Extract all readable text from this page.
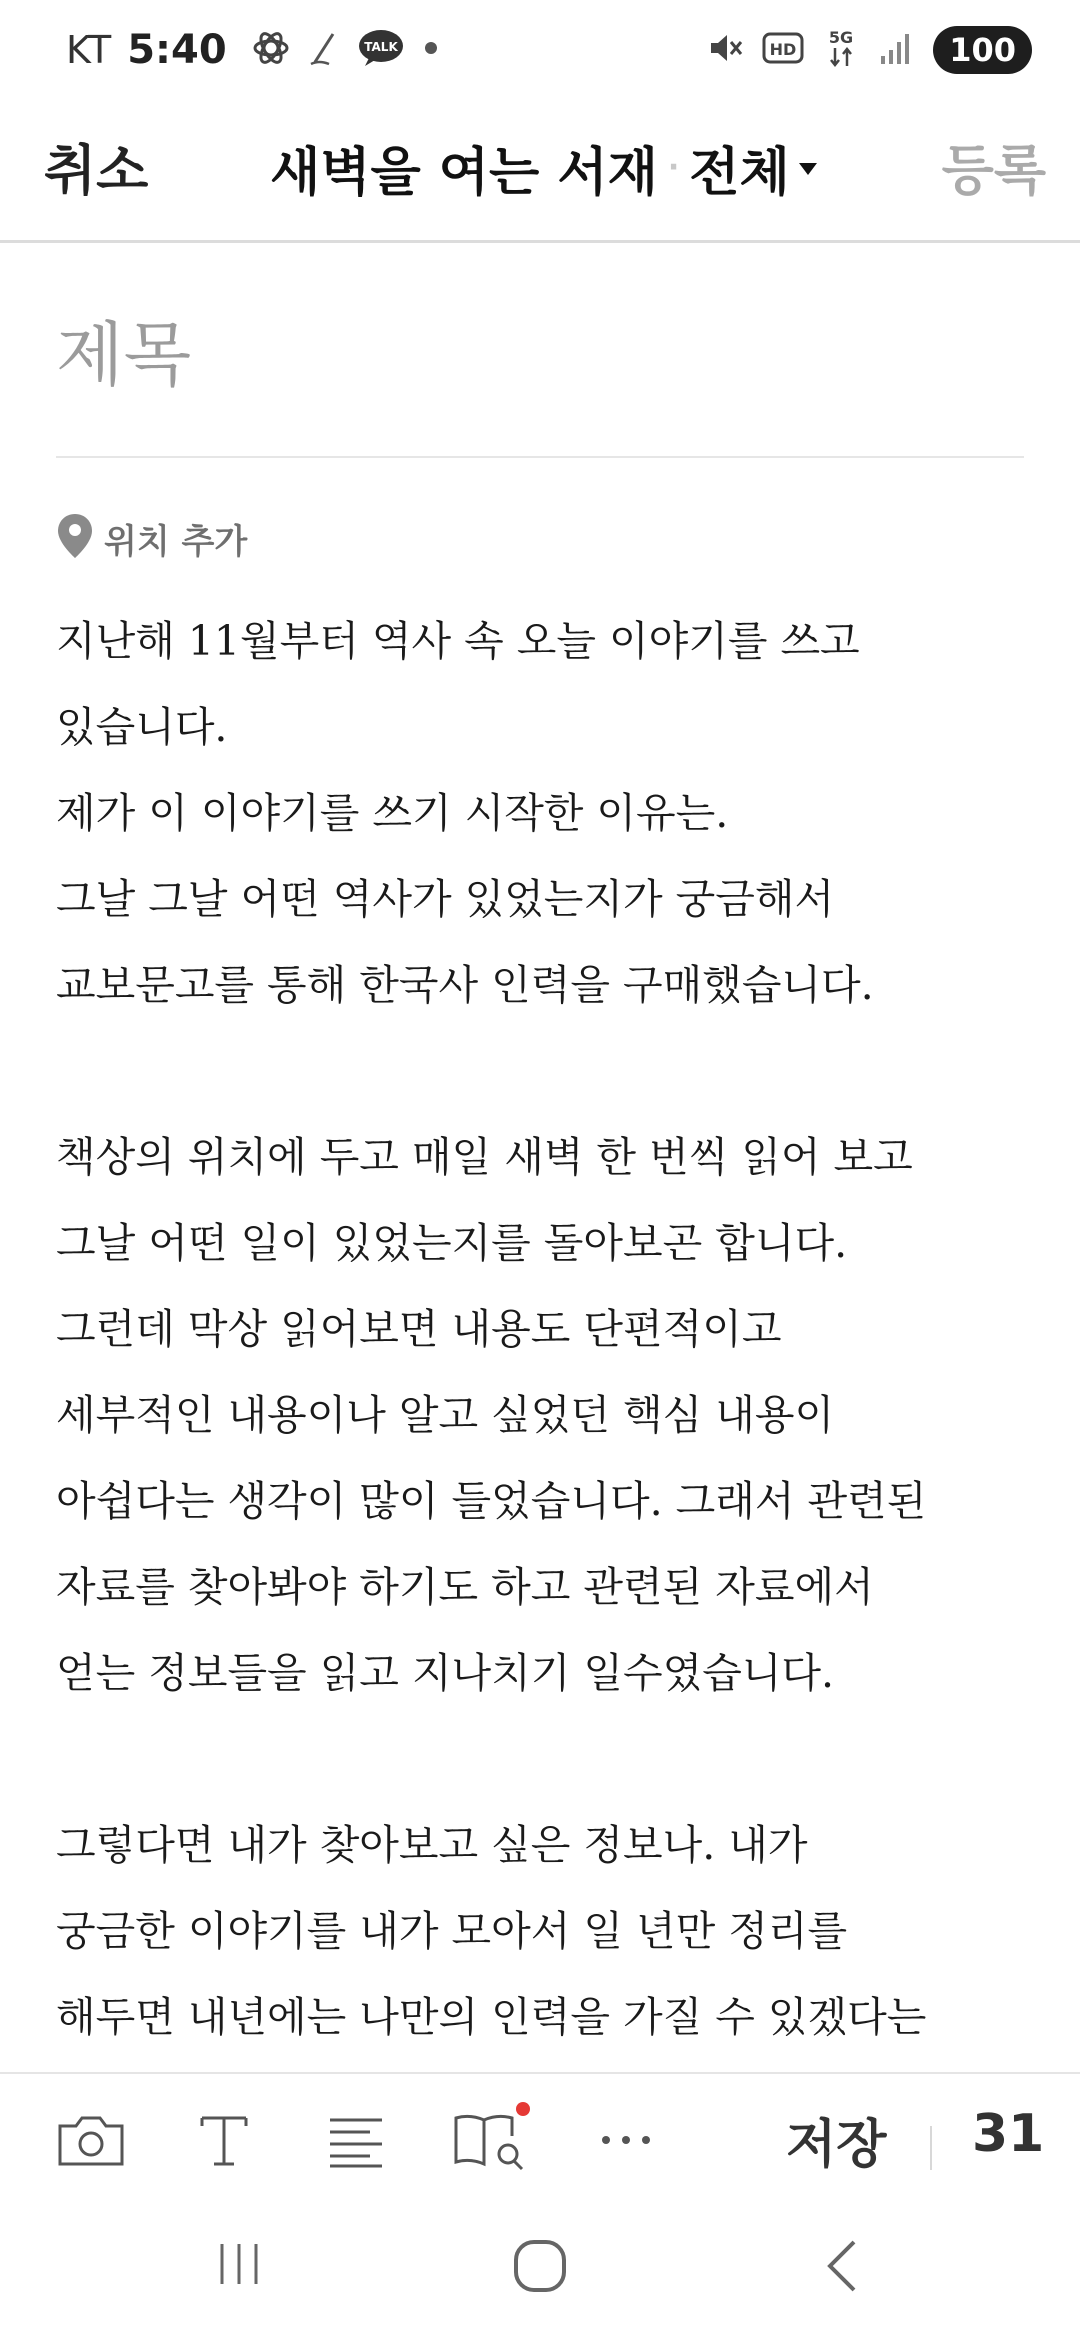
KT 5:40	TALK	HD
5G	100
취소 새벽을 여는 서재 · 전체	등록
제목
위치 추가
지난해 11월부터 역사 속 오늘 이야기를 쓰고
있습니다.
제가 이 이야기를 쓰기 시작한 이유는.
그날 그날 어떤 역사가 있었는지가 궁금해서
교보문고를 통해 한국사 인력을 구매했습니다.
책상의 위치에 두고 매일 새벽 한 번씩 읽어 보고
그날 어떤 일이 있었는지를 돌아보곤 합니다.
그런데 막상 읽어보면 내용도 단편적이고
세부적인 내용이나 알고 싶었던 핵심 내용이
아쉽다는 생각이 많이 들었습니다. 그래서 관련된
자료를 찾아봐야 하기도 하고 관련된 자료에서
얻는 정보들을 읽고 지나치기 일수였습니다.
그렇다면 내가 찾아보고 싶은 정보나. 내가
궁금한 이야기를 내가 모아서 일 년만 정리를
해두면 내년에는 나만의 인력을 가질 수 있겠다는
저장 31
